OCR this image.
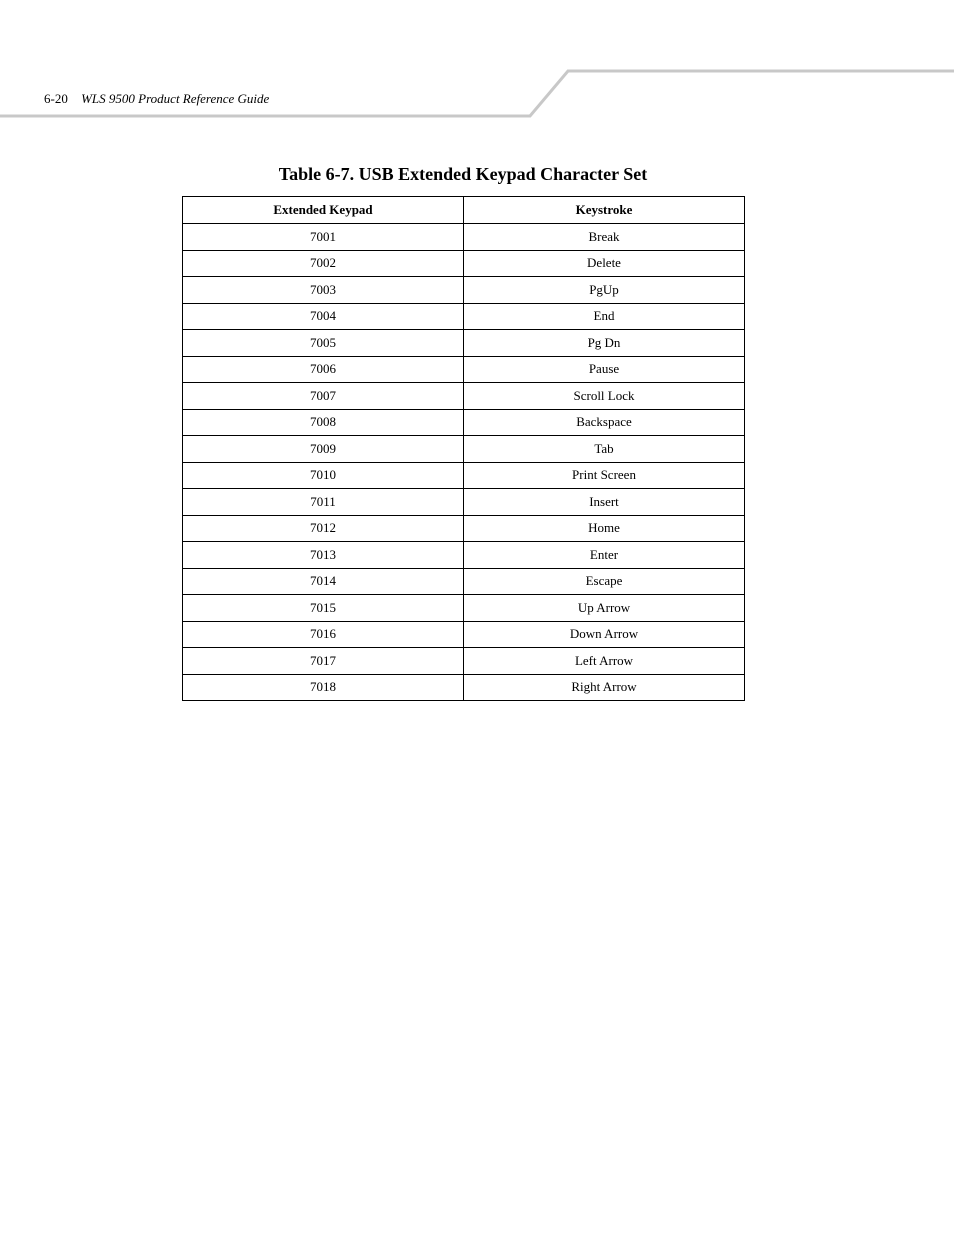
6-20 WLS 9500 Product Reference Guide
Table 6-7. USB Extended Keypad Character Set
Extended Keypad	Keystroke
7001	Break
7002	Delete
7003	PgUp
7004	End
7005	Pg Dn
7006	Pause
7007	Scroll Lock
7008	Backspace
7009	Tab
7010	Print Screen
7011	Insert
7012	Home
7013	Enter
7014	Escape
7015	Up Arrow
7016	Down Arrow
7017	Left Arrow
7018	Right Arrow
